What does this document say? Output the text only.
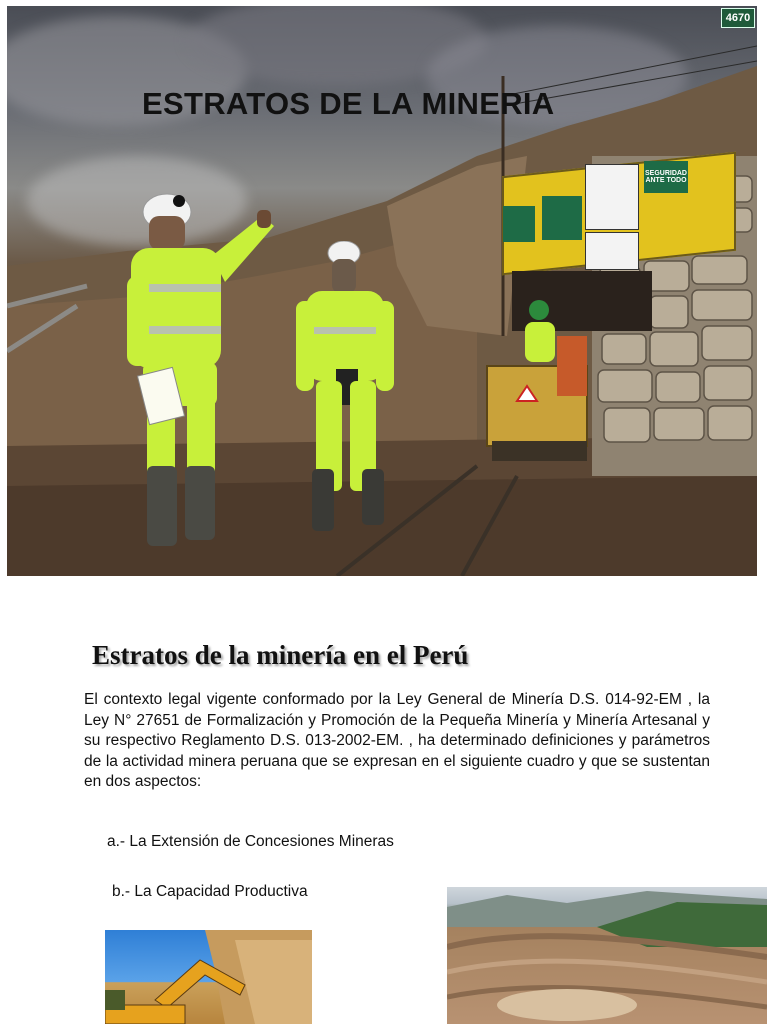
SEGURIDAD ANTE TODO
4670
ESTRATOS DE LA MINERIA
Estratos de la minería en el Perú
El contexto legal vigente conformado por la Ley General de Minería D.S. 014-92-EM , la Ley N° 27651 de Formalización y Promoción de la Pequeña Minería y Minería Artesanal y su respectivo Reglamento D.S. 013-2002-EM. , ha determinado definiciones y parámetros de la actividad minera peruana que se expresan en el siguiente cuadro y que se sustentan en dos aspectos:
a.- La Extensión de Concesiones Mineras
b.- La Capacidad Productiva
